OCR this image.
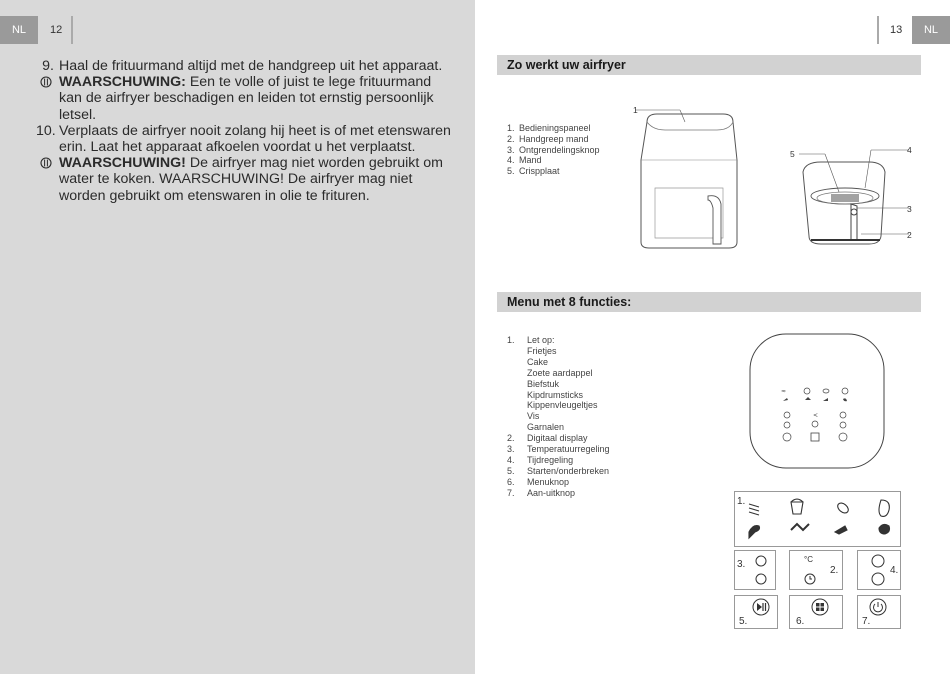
NL	12
9. Haal de frituurmand altijd met de handgreep uit het apparaat.
WAARSCHUWING: Een te volle of juist te lege frituurmand kan de airfryer beschadigen en leiden tot ernstig persoonlijk letsel.
10. Verplaats de airfryer nooit zolang hij heet is of met etenswaren erin. Laat het apparaat afkoelen voordat u het verplaatst.
WAARSCHUWING! De airfryer mag niet worden gebruikt om water te koken. WAARSCHUWING! De airfryer mag niet worden gebruikt om etenswaren in olie te frituren.
13	NL
Zo werkt uw airfryer
1. Bedieningspaneel
2. Handgreep mand
3. Ontgrendelingsknop
4. Mand
5. Crispplaat
1
5	4
3
2
Menu met 8 functies:
1.	Let op:
Frietjes
Cake
Zoete aardappel
Biefstuk
Kipdrumsticks
Kippenvleugeltjes
Vis
Garnalen
2.	Digitaal display
3.	Temperatuurregeling
4.	Tijdregeling
5.	Starten/onderbreken
6.	Menuknop
7.	Aan-uitknop
≈
<
1.
3.	°C
2.	4.
5.	6.	7.
